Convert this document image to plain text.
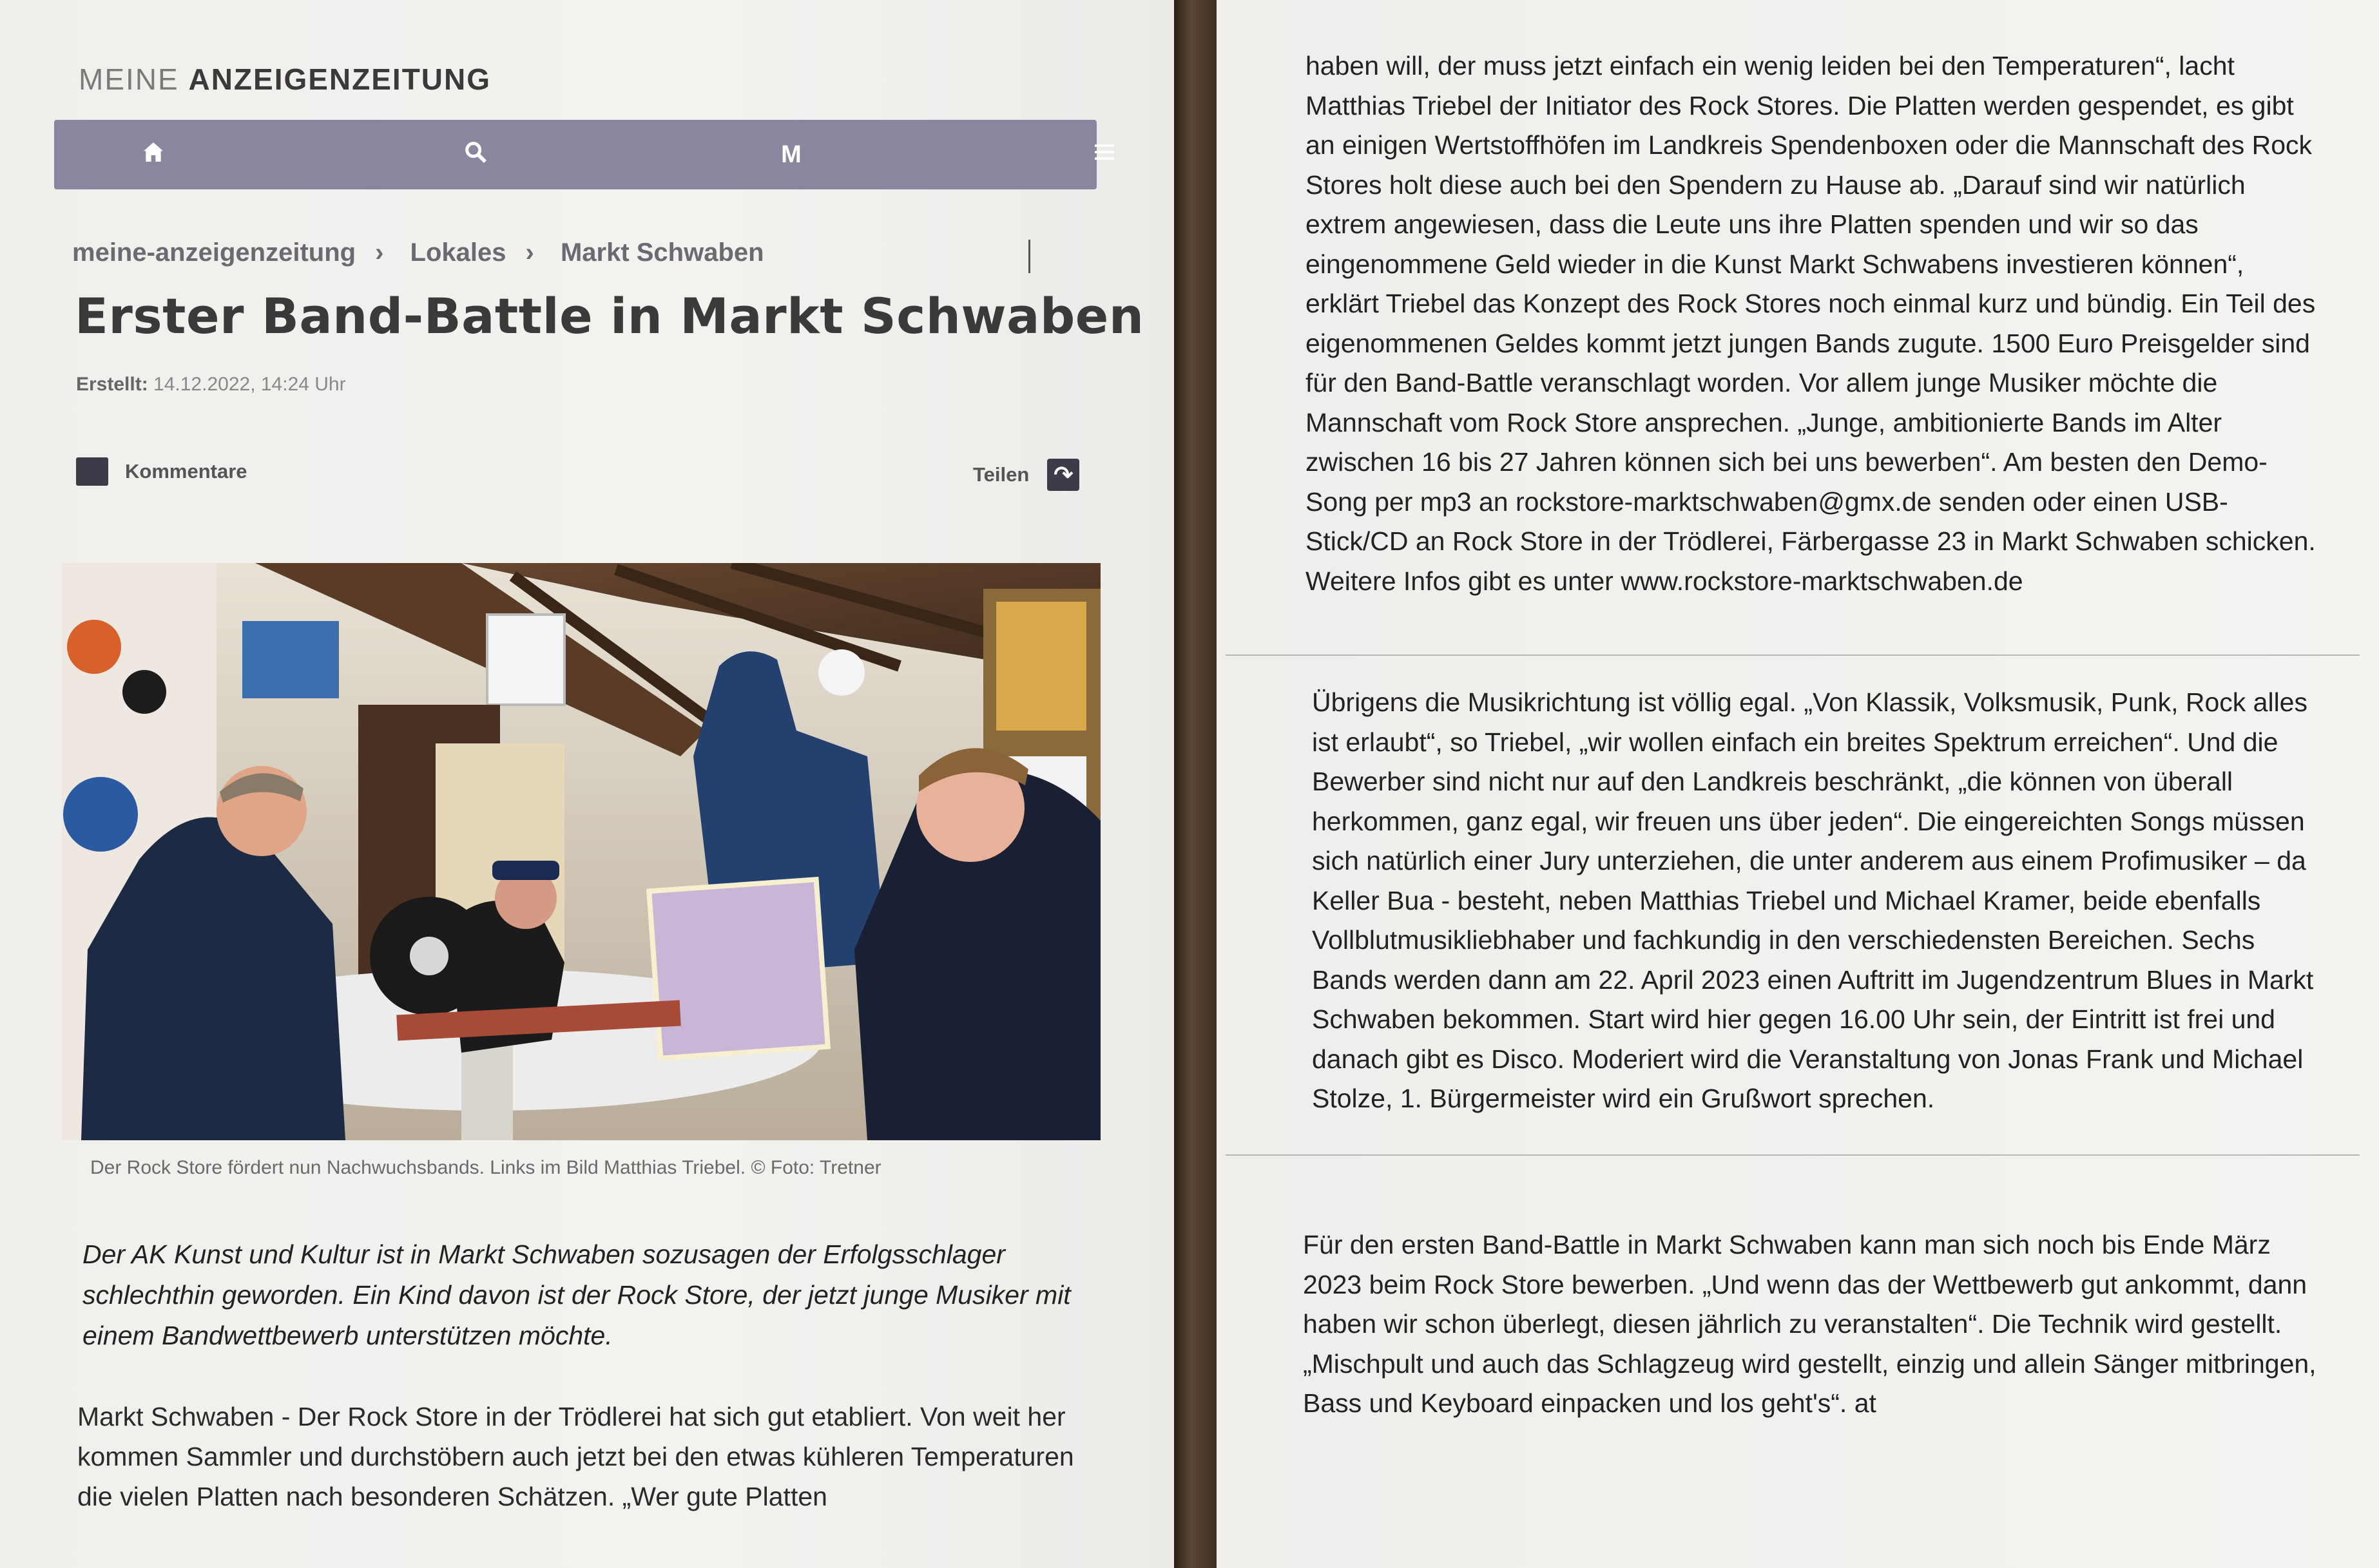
MEINE ANZEIGENZEITUNG
M
meine-anzeigenzeitung › Lokales › Markt Schwaben
Erster Band-Battle in Markt Schwaben
Erstellt: 14.12.2022, 14:24 Uhr
Kommentare	Teilen ↷
Der Rock Store fördert nun Nachwuchsbands. Links im Bild Matthias Triebel. © Foto: Tretner
Der AK Kunst und Kultur ist in Markt Schwaben sozusagen der Erfolgsschlager schlechthin geworden. Ein Kind davon ist der Rock Store, der jetzt junge Musiker mit einem Bandwettbewerb unterstützen möchte.
Markt Schwaben - Der Rock Store in der Trödlerei hat sich gut etabliert. Von weit her kommen Sammler und durchstöbern auch jetzt bei den etwas kühleren Temperaturen die vielen Platten nach besonderen Schätzen. „Wer gute Platten
haben will, der muss jetzt einfach ein wenig leiden bei den Temperaturen“, lacht Matthias Triebel der Initiator des Rock Stores. Die Platten werden gespendet, es gibt an einigen Wertstoffhöfen im Landkreis Spendenboxen oder die Mannschaft des Rock Stores holt diese auch bei den Spendern zu Hause ab. „Darauf sind wir natürlich extrem angewiesen, dass die Leute uns ihre Platten spenden und wir so das eingenommene Geld wieder in die Kunst Markt Schwabens investieren können“, erklärt Triebel das Konzept des Rock Stores noch einmal kurz und bündig. Ein Teil des eigenommenen Geldes kommt jetzt jungen Bands zugute. 1500 Euro Preisgelder sind für den Band-Battle veranschlagt worden. Vor allem junge Musiker möchte die Mannschaft vom Rock Store ansprechen. „Junge, ambitionierte Bands im Alter zwischen 16 bis 27 Jahren können sich bei uns bewerben“. Am besten den Demo-Song per mp3 an rockstore-marktschwaben@gmx.de senden oder einen USB-Stick/CD an Rock Store in der Trödlerei, Färbergasse 23 in Markt Schwaben schicken. Weitere Infos gibt es unter www.rockstore-marktschwaben.de
Übrigens die Musikrichtung ist völlig egal. „Von Klassik, Volksmusik, Punk, Rock alles ist erlaubt“, so Triebel, „wir wollen einfach ein breites Spektrum erreichen“. Und die Bewerber sind nicht nur auf den Landkreis beschränkt, „die können von überall herkommen, ganz egal, wir freuen uns über jeden“. Die eingereichten Songs müssen sich natürlich einer Jury unterziehen, die unter anderem aus einem Profimusiker – da Keller Bua - besteht, neben Matthias Triebel und Michael Kramer, beide ebenfalls Vollblutmusikliebhaber und fachkundig in den verschiedensten Bereichen. Sechs Bands werden dann am 22. April 2023 einen Auftritt im Jugendzentrum Blues in Markt Schwaben bekommen. Start wird hier gegen 16.00 Uhr sein, der Eintritt ist frei und danach gibt es Disco. Moderiert wird die Veranstaltung von Jonas Frank und Michael Stolze, 1. Bürgermeister wird ein Grußwort sprechen.
Für den ersten Band-Battle in Markt Schwaben kann man sich noch bis Ende März 2023 beim Rock Store bewerben. „Und wenn das der Wettbewerb gut ankommt, dann haben wir schon überlegt, diesen jährlich zu veranstalten“. Die Technik wird gestellt. „Mischpult und auch das Schlagzeug wird gestellt, einzig und allein Sänger mitbringen, Bass und Keyboard einpacken und los geht's“. at
